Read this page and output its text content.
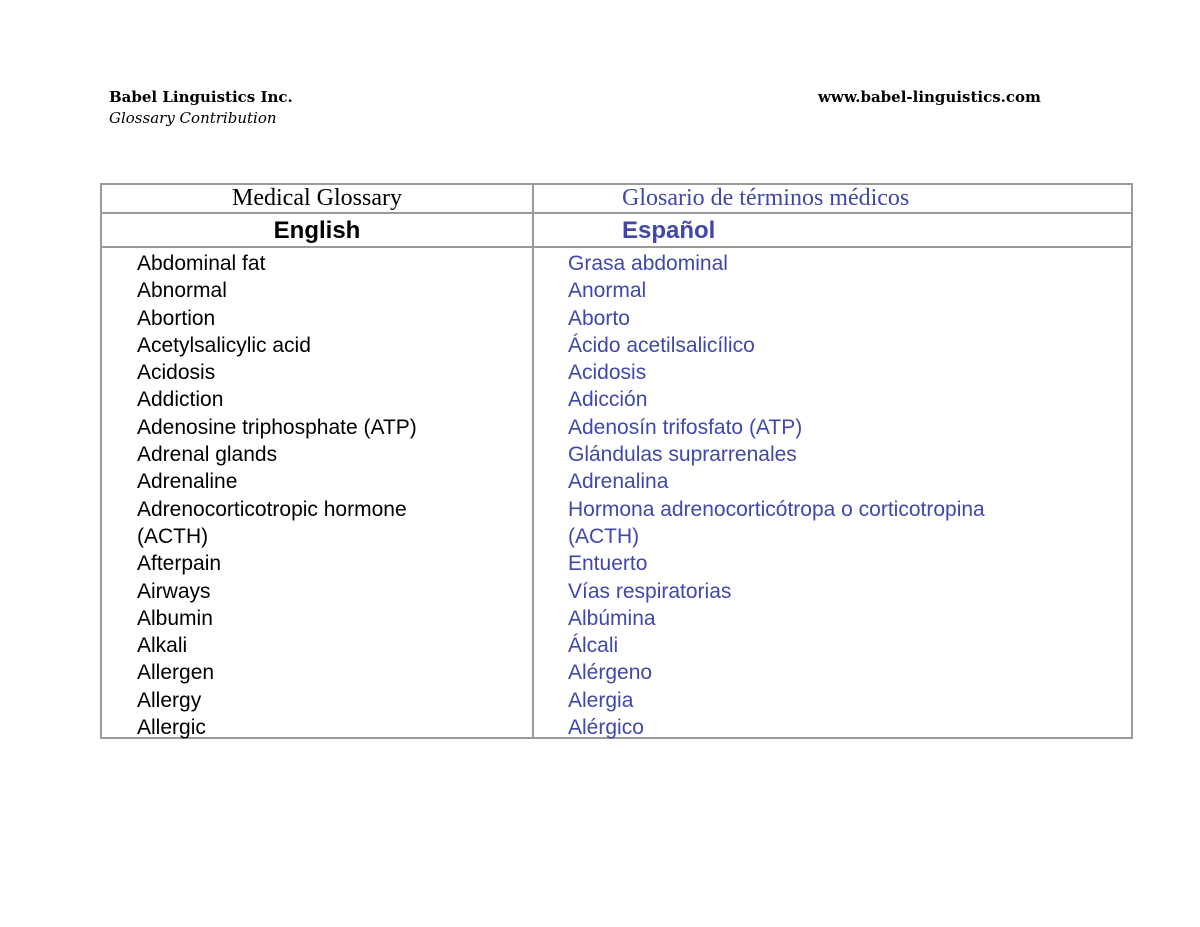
Babel Linguistics Inc.
Glossary Contribution
www.babel-linguistics.com
Medical Glossary	Glosario de términos médicos
English	Español
Abdominal fat
Abnormal
Abortion
Acetylsalicylic acid
Acidosis
Addiction
Adenosine triphosphate (ATP)
Adrenal glands
Adrenaline
Adrenocorticotropic hormone
(ACTH)
Afterpain
Airways
Albumin
Alkali
Allergen
Allergy
Allergic
Grasa abdominal
Anormal
Aborto
Ácido acetilsalicílico
Acidosis
Adicción
Adenosín trifosfato (ATP)
Glándulas suprarrenales
Adrenalina
Hormona adrenocorticótropa o corticotropina
(ACTH)
Entuerto
Vías respiratorias
Albúmina
Álcali
Alérgeno
Alergia
Alérgico
